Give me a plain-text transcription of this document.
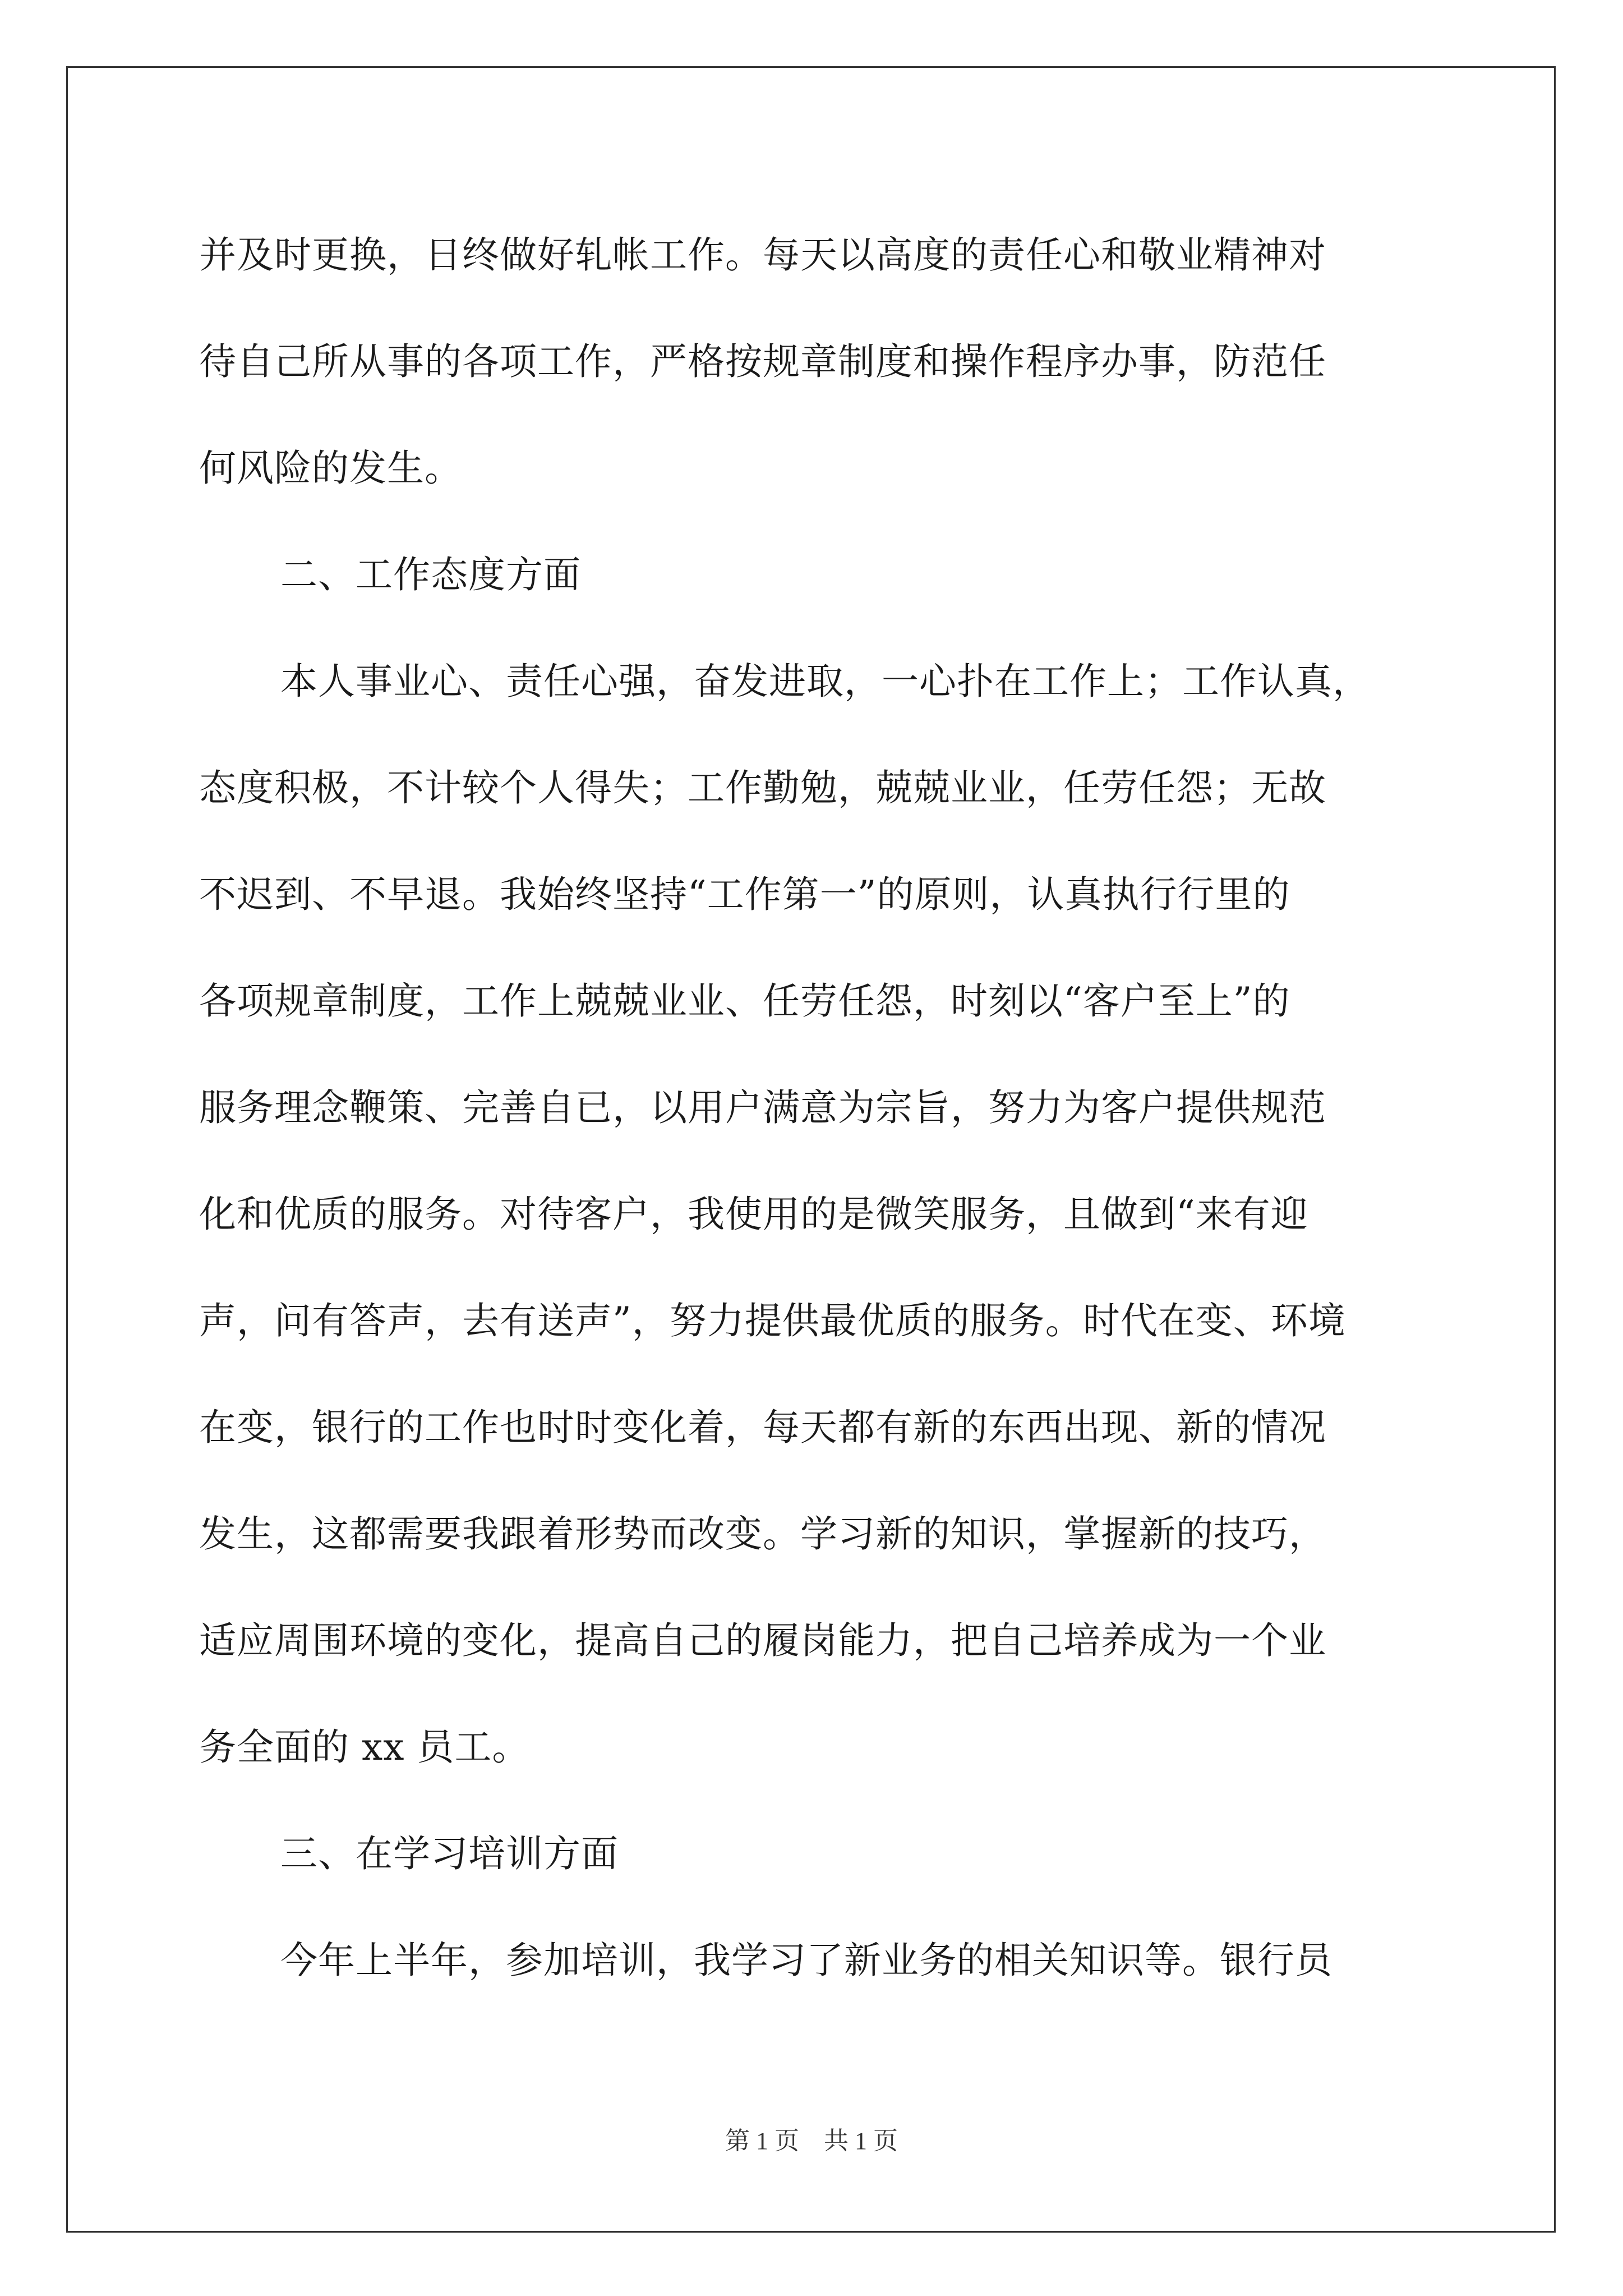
并及时更换，日终做好轧帐工作。每天以高度的责任心和敬业精神对
待自己所从事的各项工作，严格按规章制度和操作程序办事，防范任
何风险的发生。
二、工作态度方面
本人事业心、责任心强，奋发进取，一心扑在工作上；工作认真，
态度积极，不计较个人得失；工作勤勉，兢兢业业，任劳任怨；无故
不迟到、不早退。我始终坚持“工作第一”的原则，认真执行行里的
各项规章制度，工作上兢兢业业、任劳任怨，时刻以“客户至上”的
服务理念鞭策、完善自已，以用户满意为宗旨，努力为客户提供规范
化和优质的服务。对待客户，我使用的是微笑服务，且做到“来有迎
声，问有答声，去有送声”，努力提供最优质的服务。时代在变、环境
在变，银行的工作也时时变化着，每天都有新的东西出现、新的情况
发生，这都需要我跟着形势而改变。学习新的知识，掌握新的技巧，
适应周围环境的变化，提高自己的履岗能力，把自己培养成为一个业
务全面的 xx 员工。
三、在学习培训方面
今年上半年，参加培训，我学习了新业务的相关知识等。银行员
第 1 页    共 1 页
